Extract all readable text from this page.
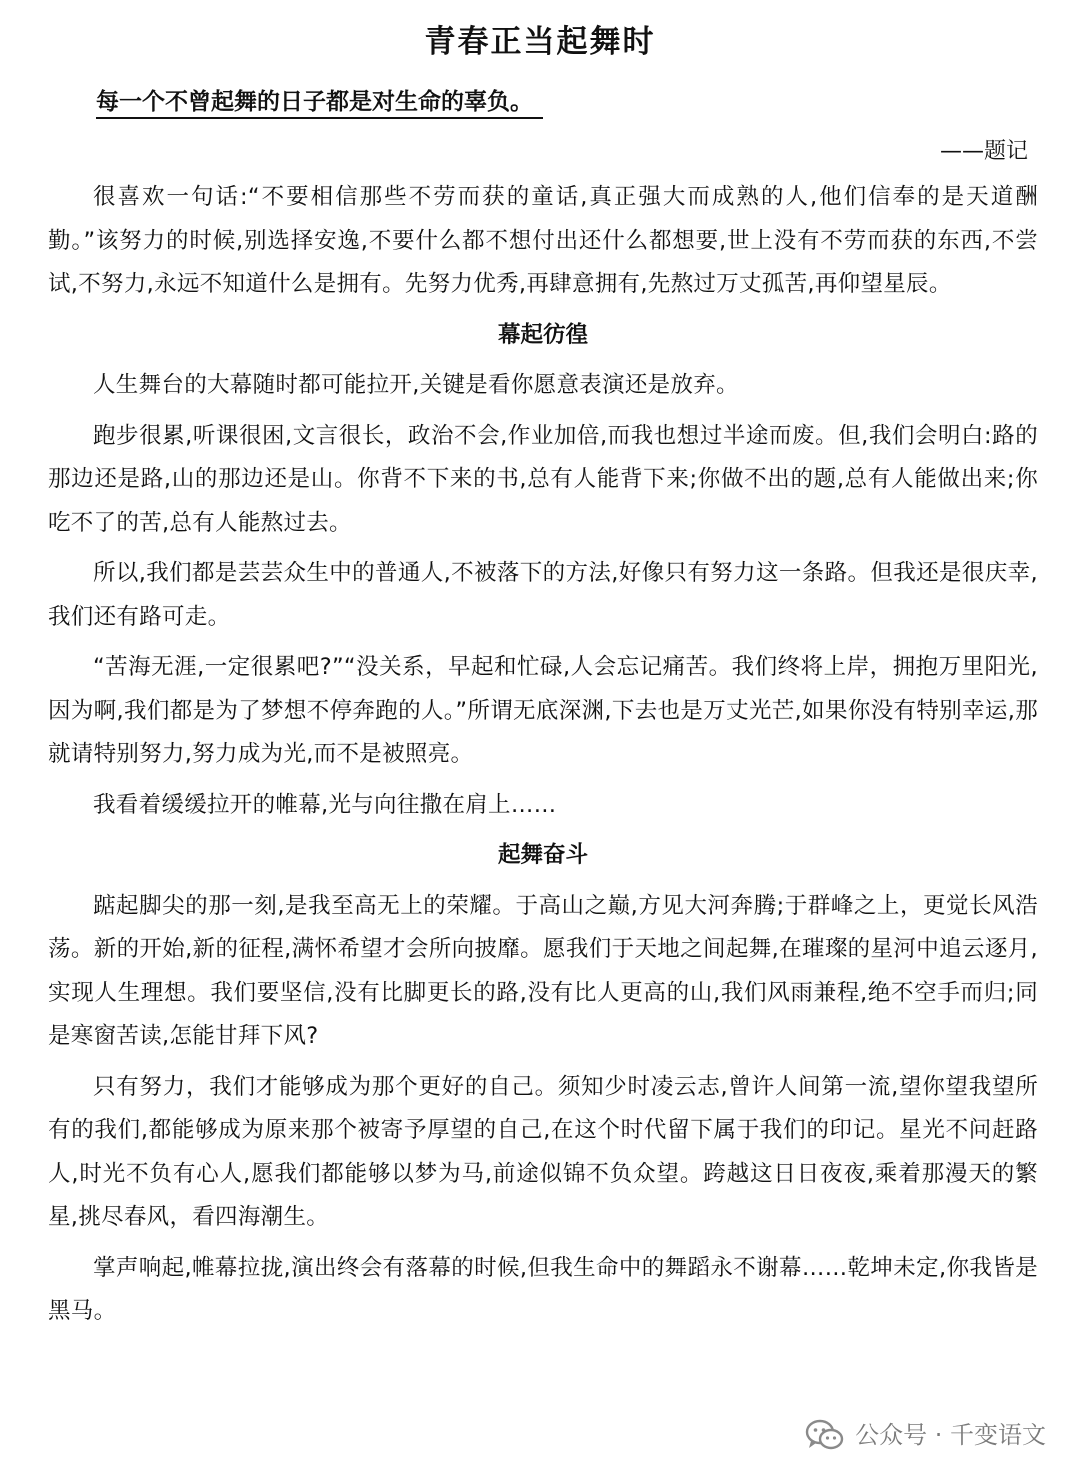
青春正当起舞时

每一个不曾起舞的日子都是对生命的辜负。

——题记

很喜欢一句话:“不要相信那些不劳而获的童话,真正强大而成熟的人,他们信奉的是天道酬勤。”该努力的时候,别选择安逸,不要什么都不想付出还什么都想要,世上没有不劳而获的东西,不尝试,不努力,永远不知道什么是拥有。先努力优秀,再肆意拥有,先熬过万丈孤苦,再仰望星辰。

幕起彷徨

人生舞台的大幕随时都可能拉开,关键是看你愿意表演还是放弃。

跑步很累,听课很困,文言很长，政治不会,作业加倍,而我也想过半途而废。但,我们会明白:路的那边还是路,山的那边还是山。你背不下来的书,总有人能背下来;你做不出的题,总有人能做出来;你吃不了的苦,总有人能熬过去。

所以,我们都是芸芸众生中的普通人,不被落下的方法,好像只有努力这一条路。但我还是很庆幸,我们还有路可走。

“苦海无涯,一定很累吧?”“没关系，早起和忙碌,人会忘记痛苦。我们终将上岸，拥抱万里阳光,因为啊,我们都是为了梦想不停奔跑的人。”所谓无底深渊,下去也是万丈光芒,如果你没有特别幸运,那就请特别努力,努力成为光,而不是被照亮。

我看着缓缓拉开的帷幕,光与向往撒在肩上……

起舞奋斗

踮起脚尖的那一刻,是我至高无上的荣耀。于高山之巅,方见大河奔腾;于群峰之上，更觉长风浩荡。新的开始,新的征程,满怀希望才会所向披靡。愿我们于天地之间起舞,在璀璨的星河中追云逐月,实现人生理想。我们要坚信,没有比脚更长的路,没有比人更高的山,我们风雨兼程,绝不空手而归;同是寒窗苦读,怎能甘拜下风?

只有努力，我们才能够成为那个更好的自己。须知少时凌云志,曾许人间第一流,望你望我望所有的我们,都能够成为原来那个被寄予厚望的自己,在这个时代留下属于我们的印记。星光不问赶路人,时光不负有心人,愿我们都能够以梦为马,前途似锦不负众望。跨越这日日夜夜,乘着那漫天的繁星,挑尽春风，看四海潮生。

掌声响起,帷幕拉拢,演出终会有落幕的时候,但我生命中的舞蹈永不谢幕……乾坤未定,你我皆是黑马。

公众号 · 千变语文
